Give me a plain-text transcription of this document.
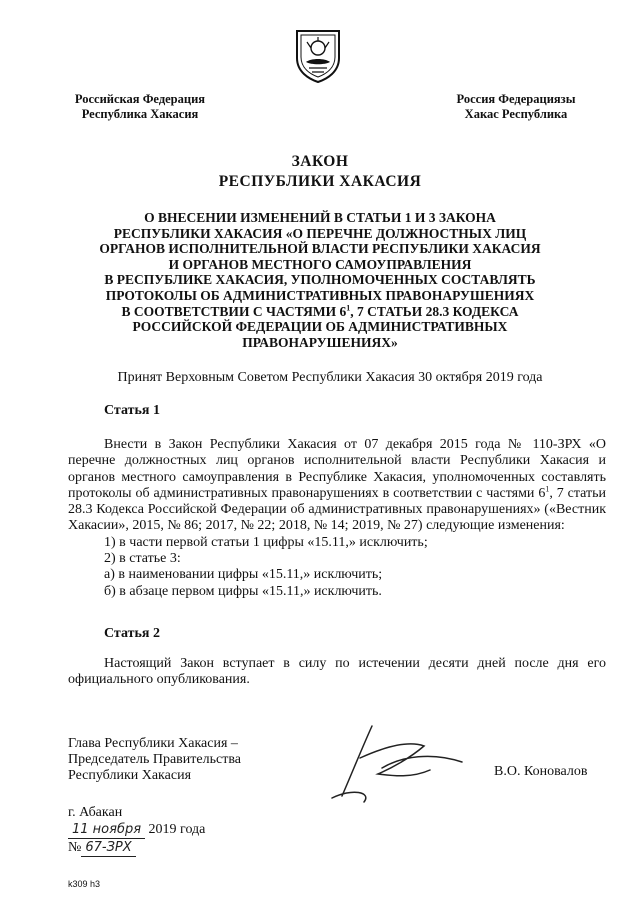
Российская Федерация
Республика Хакасия
Россия Федерациязы
Хакас Республика
ЗАКОН
РЕСПУБЛИКИ ХАКАСИЯ
О ВНЕСЕНИИ ИЗМЕНЕНИЙ В СТАТЬИ 1 И 3 ЗАКОНА
РЕСПУБЛИКИ ХАКАСИЯ «О ПЕРЕЧНЕ ДОЛЖНОСТНЫХ ЛИЦ
ОРГАНОВ ИСПОЛНИТЕЛЬНОЙ ВЛАСТИ РЕСПУБЛИКИ ХАКАСИЯ
И ОРГАНОВ МЕСТНОГО САМОУПРАВЛЕНИЯ
В РЕСПУБЛИКЕ ХАКАСИЯ, УПОЛНОМОЧЕННЫХ СОСТАВЛЯТЬ
ПРОТОКОЛЫ ОБ АДМИНИСТРАТИВНЫХ ПРАВОНАРУШЕНИЯХ
В СООТВЕТСТВИИ С ЧАСТЯМИ $6^1$, 7 СТАТЬИ 28.3 КОДЕКСА
РОССИЙСКОЙ ФЕДЕРАЦИИ ОБ АДМИНИСТРАТИВНЫХ
ПРАВОНАРУШЕНИЯХ»
Принят Верховным Советом Республики Хакасия 30 октября 2019 года
Статья 1

Внести в Закон Республики Хакасия от 07 декабря 2015 года № 110-ЗРХ «О перечне должностных лиц органов исполнительной власти Республики Хакасия и органов местного самоуправления в Республике Хакасия, уполномоченных составлять протоколы об административных правонарушениях в соответствии с частями $6^1$, 7 статьи 28.3 Кодекса Российской Федерации об административных правонарушениях» («Вестник Хакасии», 2015, № 86; 2017, № 22; 2018, № 14; 2019, № 27) следующие изменения:

1) в части первой статьи 1 цифры «15.11,» исключить;

2) в статье 3:

а) в наименовании цифры «15.11,» исключить;

б) в абзаце первом цифры «15.11,» исключить.

Статья 2

Настоящий Закон вступает в силу по истечении десяти дней после дня его официального опубликования.

Глава Республики Хакасия –
Председатель Правительства
Республики Хакасия	В.О. Коновалов
г. Абакан
11 ноября 2019 года
№ 67-ЗРХ
k309 h3
